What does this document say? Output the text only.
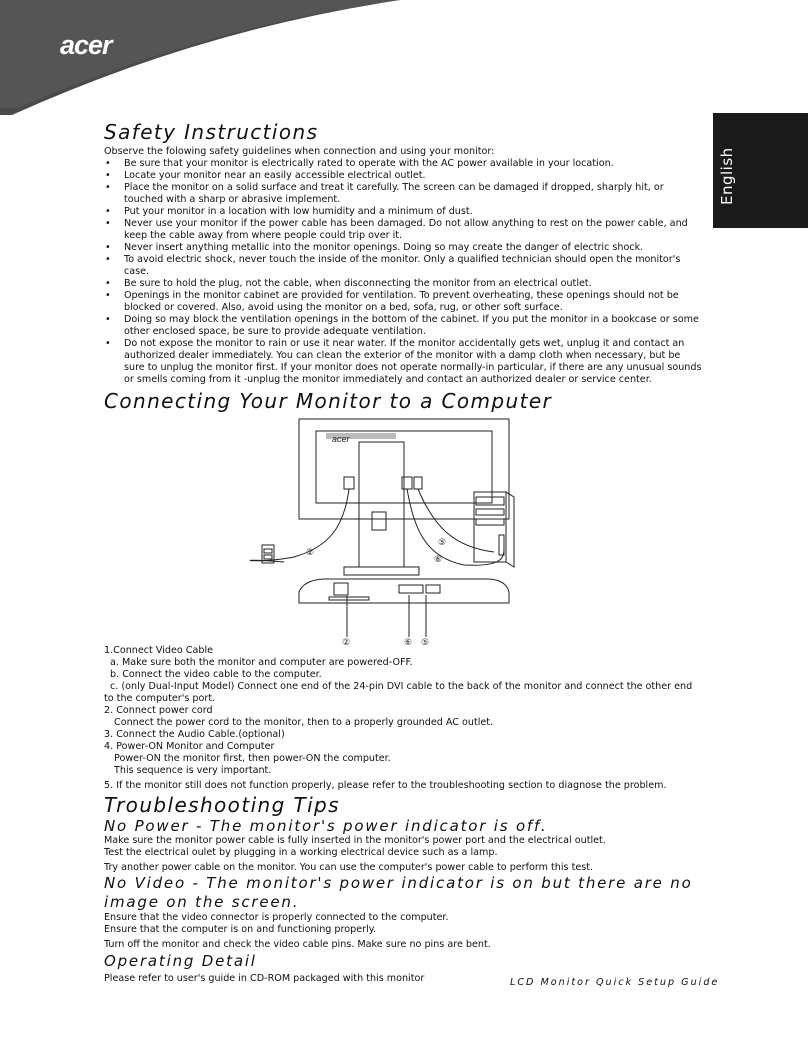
acer
English
Safety Instructions

Observe the folowing safety guidelines when connection and using your monitor:

• Be sure that your monitor is electrically rated to operate with the AC power available in your location.
• Locate your monitor near an easily accessible electrical outlet.
• Place the monitor on a solid surface and treat it carefully. The screen can be damaged if dropped, sharply hit, or touched with a sharp or abrasive implement.
• Put your monitor in a location with low humidity and a minimum of dust.
• Never use your monitor if the power cable has been damaged. Do not allow anything to rest on the power cable, and keep the cable away from where people could trip over it.
• Never insert anything metallic into the monitor openings. Doing so may create the danger of electric shock.
• To avoid electric shock, never touch the inside of the monitor. Only a qualified technician should open the monitor's case.
• Be sure to hold the plug, not the cable, when disconnecting the monitor from an electrical outlet.
• Openings in the monitor cabinet are provided for ventilation. To prevent overheating, these openings should not be blocked or covered. Also, avoid using the monitor on a bed, sofa, rug, or other soft surface.
• Doing so may block the ventilation openings in the bottom of the cabinet. If you put the monitor in a bookcase or some other enclosed space, be sure to provide adequate ventilation.
• Do not expose the monitor to rain or use it near water. If the monitor accidentally gets wet, unplug it and contact an authorized dealer immediately. You can clean the exterior of the monitor with a damp cloth when necessary, but be sure to unplug the monitor first. If your monitor does not operate normally-in particular, if there are any unusual sounds or smells coming from it -unplug the monitor immediately and contact an authorized dealer or service center.
Connecting Your Monitor to a Computer
acer
②
②
⑤
⑥
⑥ ⑤

1.Connect Video Cable

a. Make sure both the monitor and computer are powered-OFF.

b. Connect the video cable to the computer.

c. (only Dual-Input Model) Connect one end of the 24-pin DVI cable to the back of the monitor and connect the other end to the computer's port.

2. Connect power cord

Connect the power cord to the monitor, then to a properly grounded AC outlet.

3. Connect the Audio Cable.(optional)

4. Power-ON Monitor and Computer

Power-ON the monitor first, then power-ON the computer.

This sequence is very important.

5. If the monitor still does not function properly, please refer to the troubleshooting section to diagnose the problem.

Troubleshooting Tips
No Power - The monitor's power indicator is off.

Make sure the monitor power cable is fully inserted in the monitor's power port and the electrical outlet.

Test the electrical oulet by plugging in a working electrical device such as a lamp.

Try another power cable on the monitor. You can use the computer's power cable to perform this test.

No Video - The monitor's power indicator is on but there are no image on the screen.

Ensure that the video connector is properly connected to the computer.

Ensure that the computer is on and functioning properly.

Turn off the monitor and check the video cable pins. Make sure no pins are bent.

Operating Detail

Please refer to user's guide in CD-ROM packaged with this monitor	LCD Monitor Quick Setup Guide
